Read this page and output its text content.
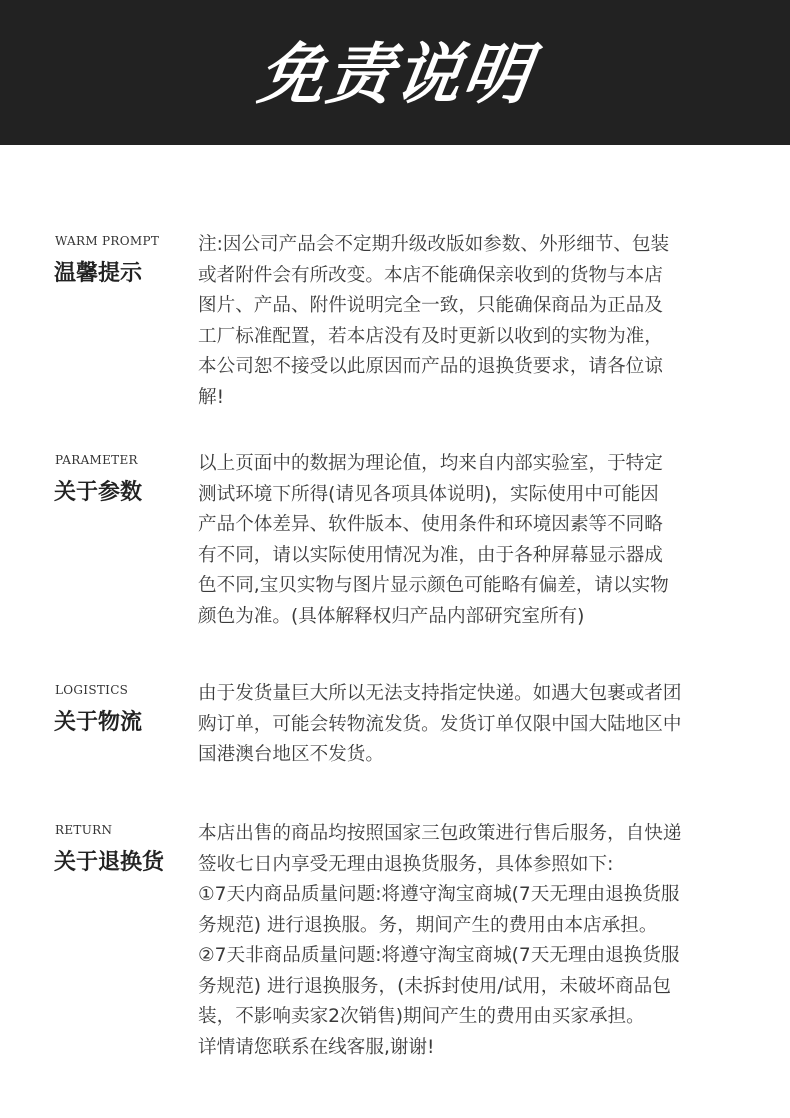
免责说明
WARM PROMPT
温馨提示
注:因公司产品会不定期升级改版如参数、外形细节、包装
或者附件会有所改变。本店不能确保亲收到的货物与本店
图片、产品、附件说明完全一致，只能确保商品为正品及
工厂标准配置，若本店没有及时更新以收到的实物为准，
本公司恕不接受以此原因而产品的退换货要求，请各位谅
解!
PARAMETER
关于参数
以上页面中的数据为理论值，均来自内部实验室，于特定
测试环境下所得(请见各项具体说明)，实际使用中可能因
产品个体差异、软件版本、使用条件和环境因素等不同略
有不同，请以实际使用情况为准，由于各种屏幕显示器成
色不同,宝贝实物与图片显示颜色可能略有偏差，请以实物
颜色为准。(具体解释权归产品内部研究室所有)
LOGISTICS
关于物流
由于发货量巨大所以无法支持指定快递。如遇大包裹或者团
购订单，可能会转物流发货。发货订单仅限中国大陆地区中
国港澳台地区不发货。
RETURN
关于退换货
本店出售的商品均按照国家三包政策进行售后服务，自快递
签收七日内享受无理由退换货服务，具体参照如下:
①7天内商品质量问题:将遵守淘宝商城(7天无理由退换货服
务规范) 进行退换服。务，期间产生的费用由本店承担。
②7天非商品质量问题:将遵守淘宝商城(7天无理由退换货服
务规范) 进行退换服务，(未拆封使用/试用，未破坏商品包
装，不影响卖家2次销售)期间产生的费用由买家承担。
详情请您联系在线客服,谢谢!
